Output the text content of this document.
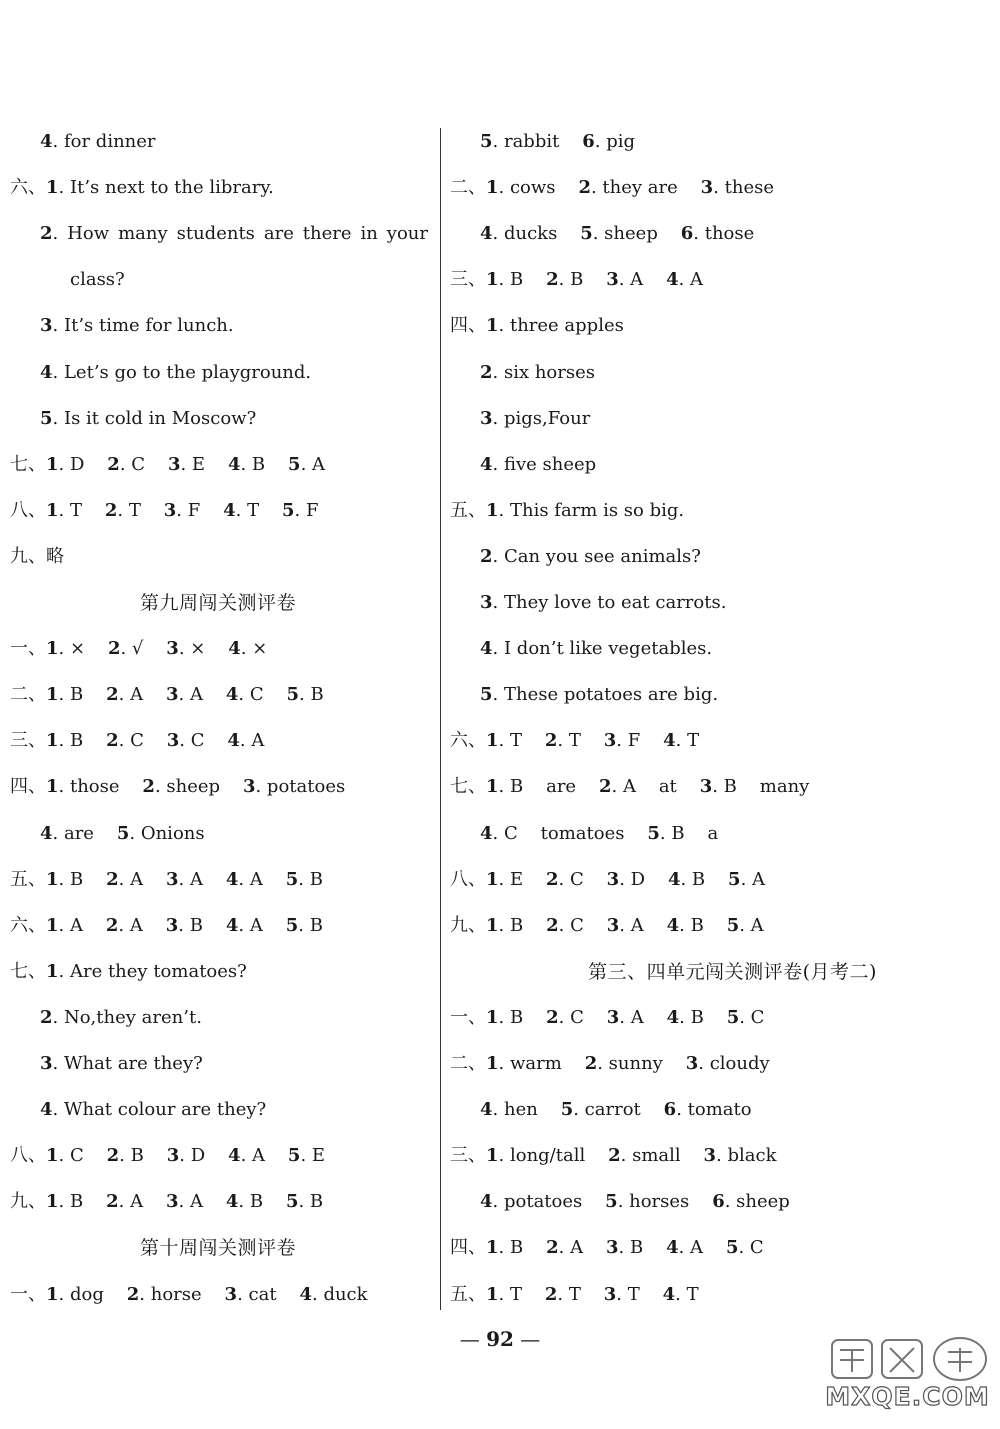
4. for dinner
六、1. It’s next to the library.
2. How many students are there in your
class?
3. It’s time for lunch.
4. Let’s go to the playground.
5. Is it cold in Moscow?
七、1. D    2. C    3. E    4. B    5. A
八、1. T    2. T    3. F    4. T    5. F
九、略
第九周闯关测评卷
一、1. ×    2. √    3. ×    4. ×
二、1. B    2. A    3. A    4. C    5. B
三、1. B    2. C    3. C    4. A
四、1. those    2. sheep    3. potatoes
4. are    5. Onions
五、1. B    2. A    3. A    4. A    5. B
六、1. A    2. A    3. B    4. A    5. B
七、1. Are they tomatoes?
2. No,they aren’t.
3. What are they?
4. What colour are they?
八、1. C    2. B    3. D    4. A    5. E
九、1. B    2. A    3. A    4. B    5. B
第十周闯关测评卷
一、1. dog    2. horse    3. cat    4. duck
5. rabbit    6. pig
二、1. cows    2. they are    3. these
4. ducks    5. sheep    6. those
三、1. B    2. B    3. A    4. A
四、1. three apples
2. six horses
3. pigs,Four
4. five sheep
五、1. This farm is so big.
2. Can you see animals?
3. They love to eat carrots.
4. I don’t like vegetables.
5. These potatoes are big.
六、1. T    2. T    3. F    4. T
七、1. B    are    2. A    at    3. B    many
4. C    tomatoes    5. B    a
八、1. E    2. C    3. D    4. B    5. A
九、1. B    2. C    3. A    4. B    5. A
第三、四单元闯关测评卷(月考二)
一、1. B    2. C    3. A    4. B    5. C
二、1. warm    2. sunny    3. cloudy
4. hen    5. carrot    6. tomato
三、1. long/tall    2. small    3. black
4. potatoes    5. horses    6. sheep
四、1. B    2. A    3. B    4. A    5. C
五、1. T    2. T    3. T    4. T
— 92 —
MXQE.COM
